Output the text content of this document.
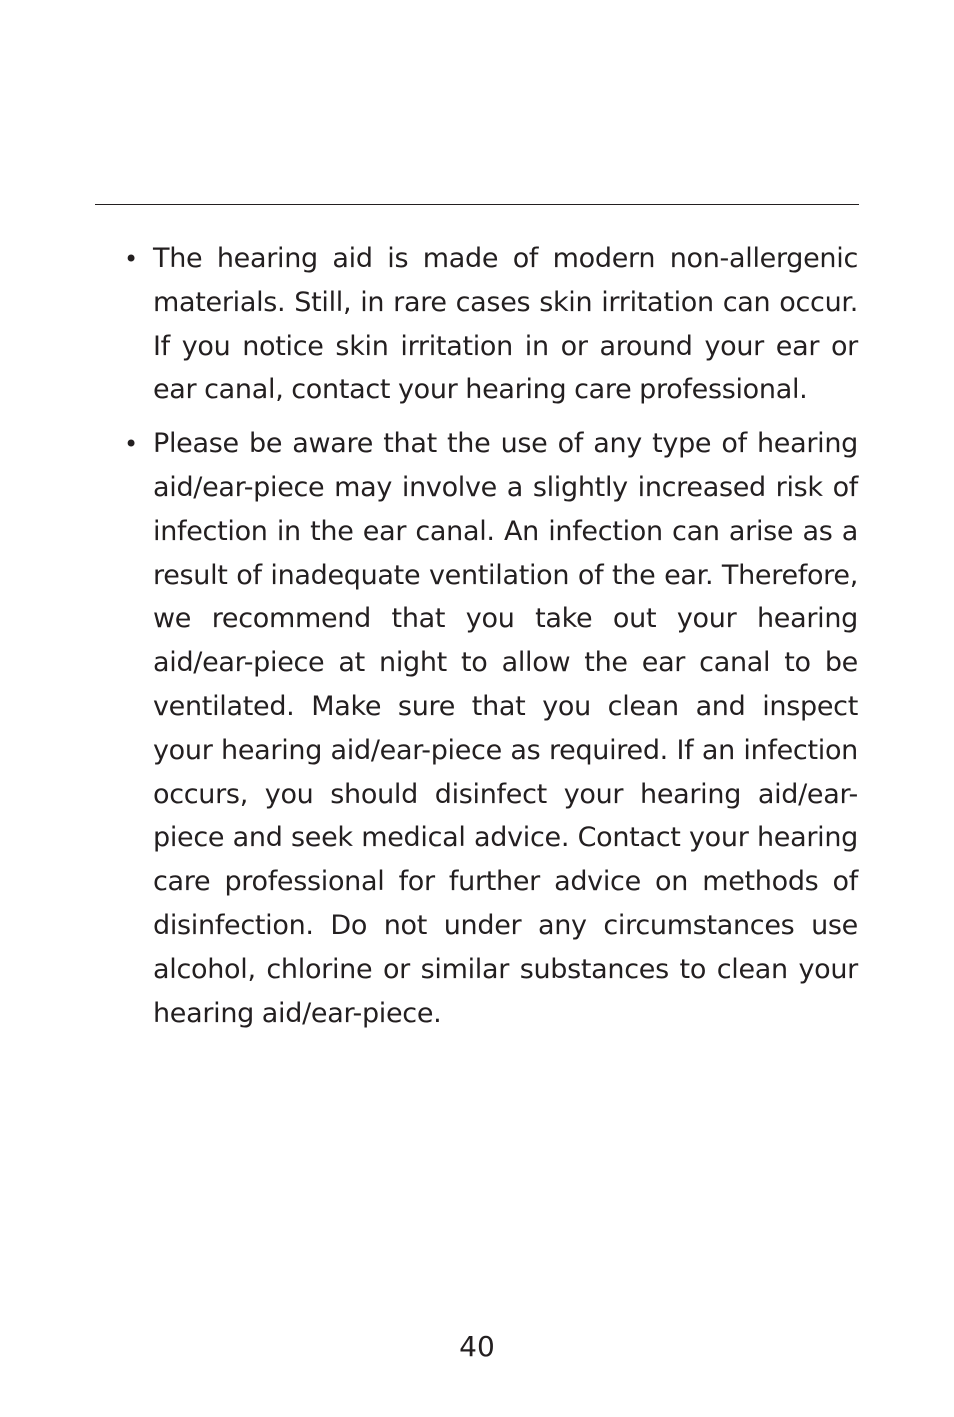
• The hearing aid is made of modern non-allergenic materials. Still, in rare cases skin irritation can occur. If you notice skin irritation in or around your ear or ear canal, contact your hearing care professional.
• Please be aware that the use of any type of hearing aid/ear-piece may involve a slightly increased risk of infection in the ear canal. An infection can arise as a result of inadequate ventilation of the ear. Therefore, we recommend that you take out your hearing aid/ear-piece at night to allow the ear canal to be ventilated. Make sure that you clean and inspect your hearing aid/ear-piece as required. If an infection occurs, you should disinfect your hearing aid/ear-piece and seek medical advice. Contact your hearing care professional for further advice on methods of disinfection. Do not under any circumstances use alcohol, chlorine or similar substances to clean your hearing aid/ear-piece.
40
